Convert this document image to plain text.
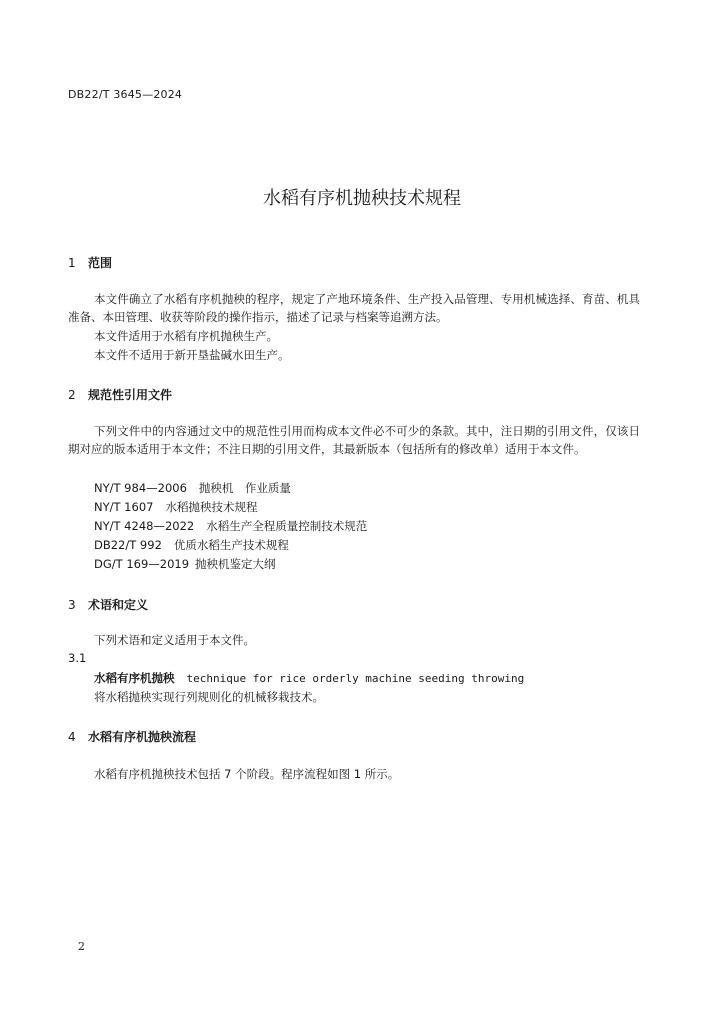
DB22/T 3645—2024
水稻有序机抛秧技术规程
1 范围

本文件确立了水稻有序机抛秧的程序，规定了产地环境条件、生产投入品管理、专用机械选择、育苗、机具准备、本田管理、收获等阶段的操作指示，描述了记录与档案等追溯方法。

本文件适用于水稻有序机抛秧生产。
本文件不适用于新开垦盐碱水田生产。
2 规范性引用文件

下列文件中的内容通过文中的规范性引用而构成本文件必不可少的条款。其中，注日期的引用文件，仅该日期对应的版本适用于本文件；不注日期的引用文件，其最新版本（包括所有的修改单）适用于本文件。

NY/T 984—2006 抛秧机　作业质量
NY/T 1607 水稻抛秧技术规程
NY/T 4248—2022 水稻生产全程质量控制技术规范
DB22/T 992 优质水稻生产技术规程
DG/T 169—2019 抛秧机鉴定大纲
3 术语和定义
下列术语和定义适用于本文件。
3.1
水稻有序机抛秧 technique for rice orderly machine seeding throwing
将水稻抛秧实现行列规则化的机械移栽技术。
4 水稻有序机抛秧流程
水稻有序机抛秧技术包括 7 个阶段。程序流程如图 1 所示。
2
